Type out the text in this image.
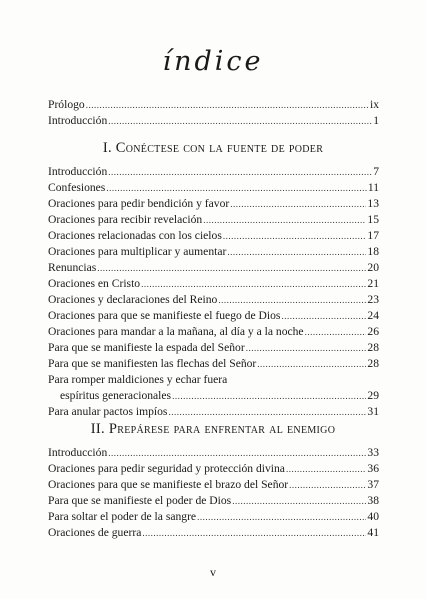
índice
Prólogo .....	ix
Introducción .....	1
I. Conéctese con la fuente de poder
Introducción .....	7
Confesiones .....	11
Oraciones para pedir bendición y favor .....	13
Oraciones para recibir revelación .....	15
Oraciones relacionadas con los cielos .....	17
Oraciones para multiplicar y aumentar .....	18
Renuncias .....	20
Oraciones en Cristo .....	21
Oraciones y declaraciones del Reino .....	23
Oraciones para que se manifieste el fuego de Dios .....	24
Oraciones para mandar a la mañana, al día y a la noche .....	26
Para que se manifieste la espada del Señor .....	28
Para que se manifiesten las flechas del Señor .....	28
Para romper maldiciones y echar fuera
espíritus generacionales .....	29
Para anular pactos impíos .....	31
II. Prepárese para enfrentar al enemigo
Introducción .....	33
Oraciones para pedir seguridad y protección divina .....	36
Oraciones para que se manifieste el brazo del Señor .....	37
Para que se manifieste el poder de Dios .....	38
Para soltar el poder de la sangre .....	40
Oraciones de guerra .....	41
v
